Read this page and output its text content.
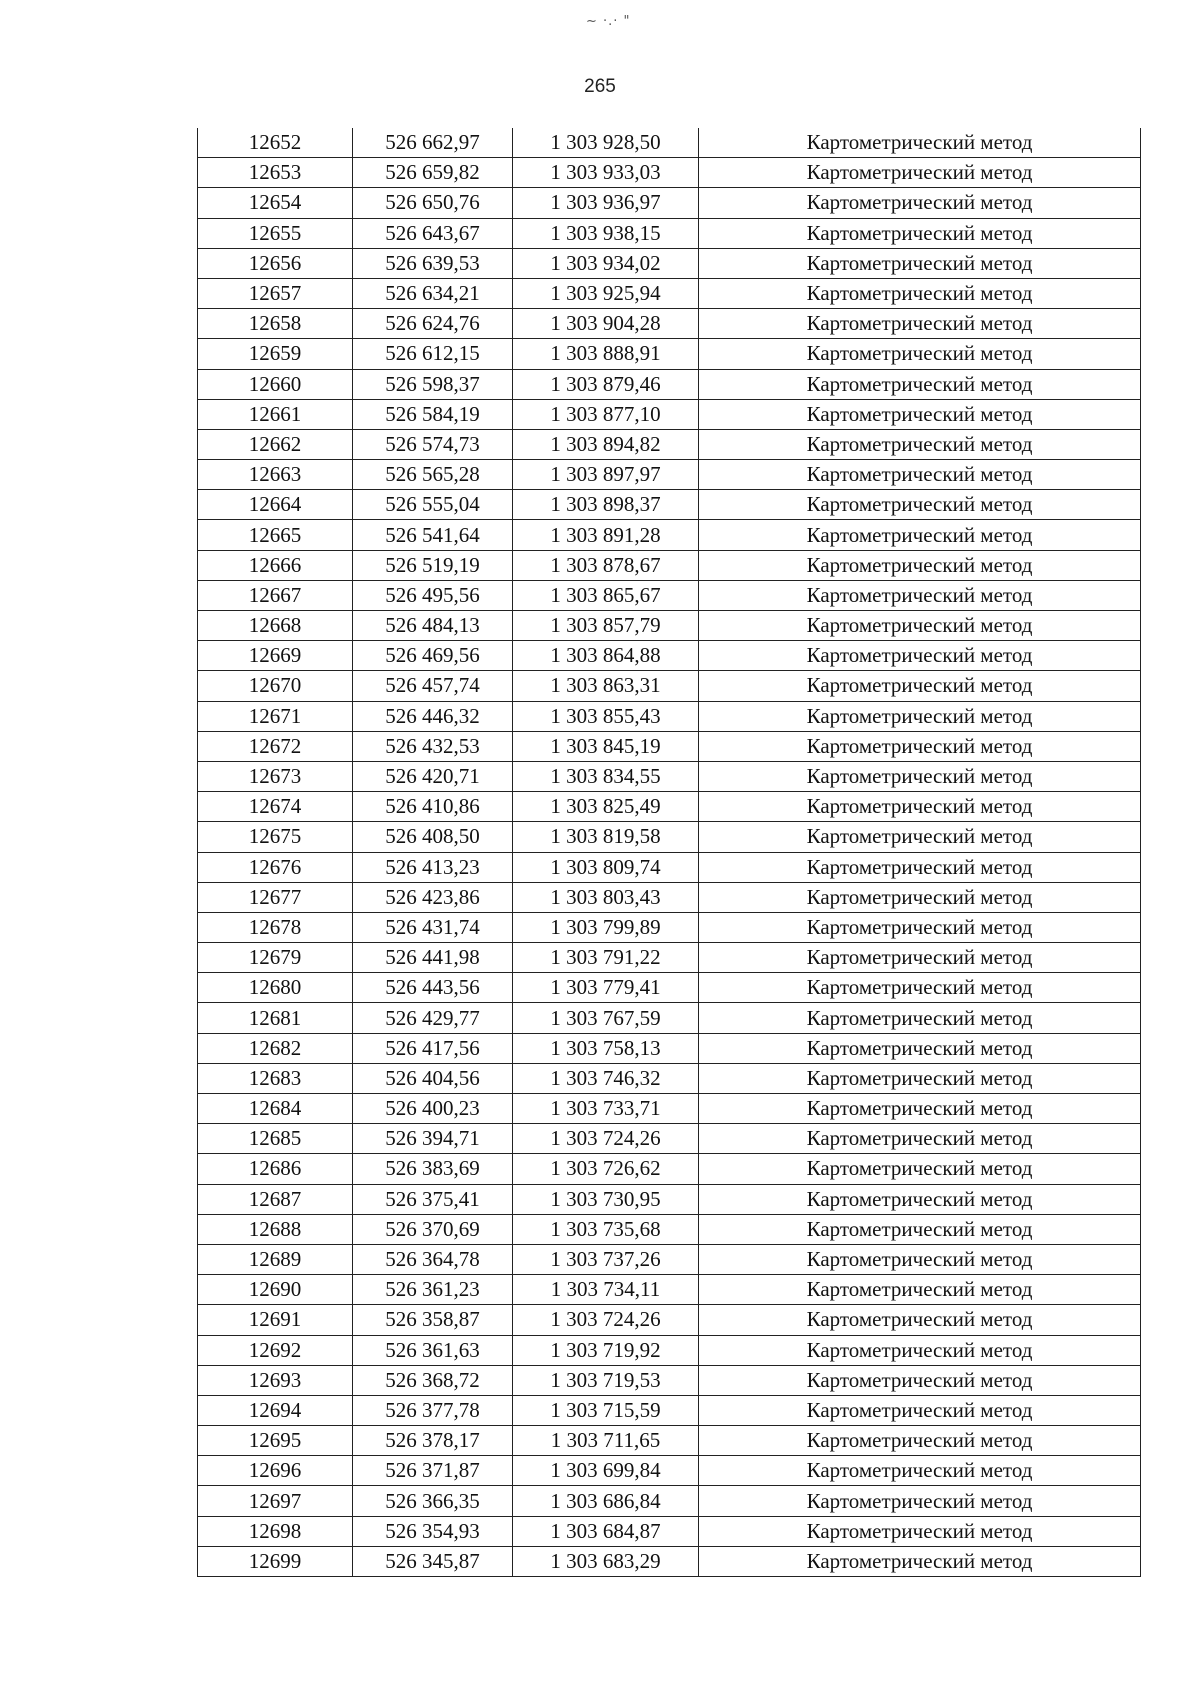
~ ·.· "
265
12652	526 662,97	1 303 928,50	Картометрический метод
12653	526 659,82	1 303 933,03	Картометрический метод
12654	526 650,76	1 303 936,97	Картометрический метод
12655	526 643,67	1 303 938,15	Картометрический метод
12656	526 639,53	1 303 934,02	Картометрический метод
12657	526 634,21	1 303 925,94	Картометрический метод
12658	526 624,76	1 303 904,28	Картометрический метод
12659	526 612,15	1 303 888,91	Картометрический метод
12660	526 598,37	1 303 879,46	Картометрический метод
12661	526 584,19	1 303 877,10	Картометрический метод
12662	526 574,73	1 303 894,82	Картометрический метод
12663	526 565,28	1 303 897,97	Картометрический метод
12664	526 555,04	1 303 898,37	Картометрический метод
12665	526 541,64	1 303 891,28	Картометрический метод
12666	526 519,19	1 303 878,67	Картометрический метод
12667	526 495,56	1 303 865,67	Картометрический метод
12668	526 484,13	1 303 857,79	Картометрический метод
12669	526 469,56	1 303 864,88	Картометрический метод
12670	526 457,74	1 303 863,31	Картометрический метод
12671	526 446,32	1 303 855,43	Картометрический метод
12672	526 432,53	1 303 845,19	Картометрический метод
12673	526 420,71	1 303 834,55	Картометрический метод
12674	526 410,86	1 303 825,49	Картометрический метод
12675	526 408,50	1 303 819,58	Картометрический метод
12676	526 413,23	1 303 809,74	Картометрический метод
12677	526 423,86	1 303 803,43	Картометрический метод
12678	526 431,74	1 303 799,89	Картометрический метод
12679	526 441,98	1 303 791,22	Картометрический метод
12680	526 443,56	1 303 779,41	Картометрический метод
12681	526 429,77	1 303 767,59	Картометрический метод
12682	526 417,56	1 303 758,13	Картометрический метод
12683	526 404,56	1 303 746,32	Картометрический метод
12684	526 400,23	1 303 733,71	Картометрический метод
12685	526 394,71	1 303 724,26	Картометрический метод
12686	526 383,69	1 303 726,62	Картометрический метод
12687	526 375,41	1 303 730,95	Картометрический метод
12688	526 370,69	1 303 735,68	Картометрический метод
12689	526 364,78	1 303 737,26	Картометрический метод
12690	526 361,23	1 303 734,11	Картометрический метод
12691	526 358,87	1 303 724,26	Картометрический метод
12692	526 361,63	1 303 719,92	Картометрический метод
12693	526 368,72	1 303 719,53	Картометрический метод
12694	526 377,78	1 303 715,59	Картометрический метод
12695	526 378,17	1 303 711,65	Картометрический метод
12696	526 371,87	1 303 699,84	Картометрический метод
12697	526 366,35	1 303 686,84	Картометрический метод
12698	526 354,93	1 303 684,87	Картометрический метод
12699	526 345,87	1 303 683,29	Картометрический метод
